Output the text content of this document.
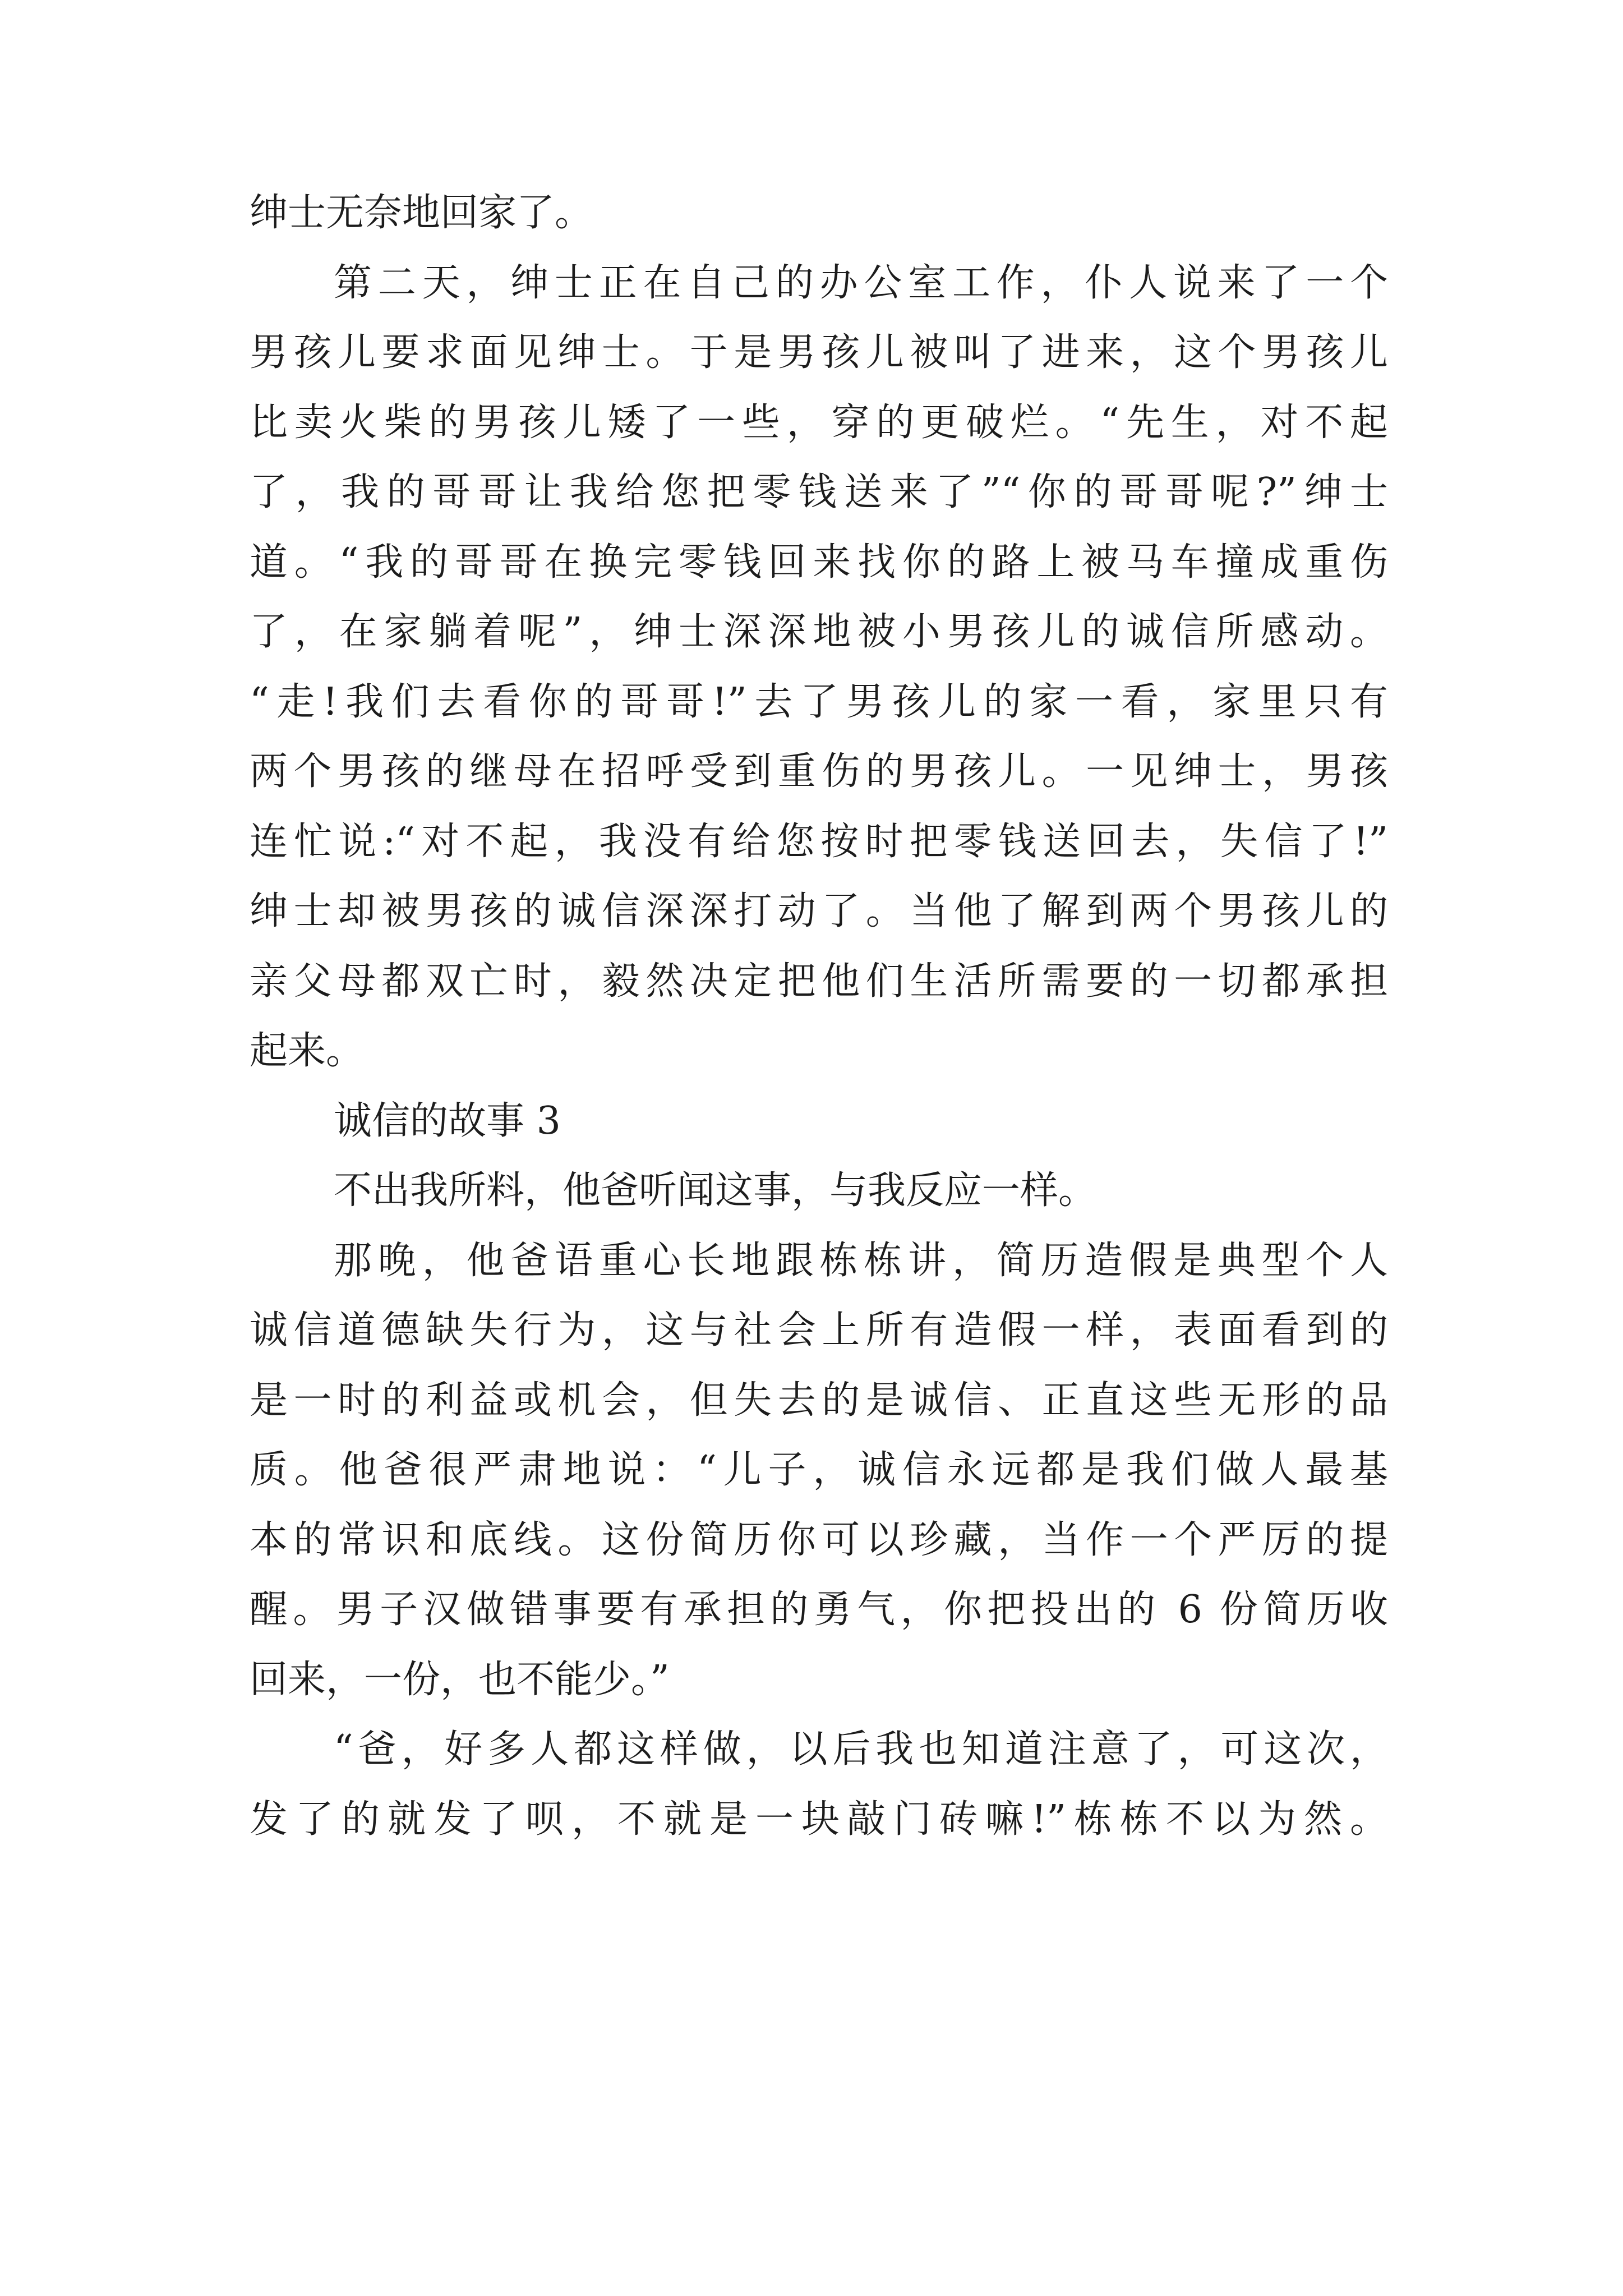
绅士无奈地回家了。
第二天，绅士正在自己的办公室工作，仆人说来了一个
男孩儿要求面见绅士。于是男孩儿被叫了进来，这个男孩儿
比卖火柴的男孩儿矮了一些，穿的更破烂。“先生，对不起
了，我的哥哥让我给您把零钱送来了”“你的哥哥呢?”绅士
道。“我的哥哥在换完零钱回来找你的路上被马车撞成重伤
了，在家躺着呢”，绅士深深地被小男孩儿的诚信所感动。
“走!我们去看你的哥哥!”去了男孩儿的家一看，家里只有
两个男孩的继母在招呼受到重伤的男孩儿。一见绅士，男孩
连忙说:“对不起，我没有给您按时把零钱送回去，失信了!”
绅士却被男孩的诚信深深打动了。当他了解到两个男孩儿的
亲父母都双亡时，毅然决定把他们生活所需要的一切都承担
起来。
诚信的故事 3
不出我所料，他爸听闻这事，与我反应一样。
那晚，他爸语重心长地跟栋栋讲，简历造假是典型个人
诚信道德缺失行为，这与社会上所有造假一样，表面看到的
是一时的利益或机会，但失去的是诚信、正直这些无形的品
质。他爸很严肃地说：“儿子，诚信永远都是我们做人最基
本的常识和底线。这份简历你可以珍藏，当作一个严厉的提
醒。男子汉做错事要有承担的勇气，你把投出的 6 份简历收
回来，一份，也不能少。”
“爸，好多人都这样做，以后我也知道注意了，可这次，
发了的就发了呗，不就是一块敲门砖嘛!”栋栋不以为然。
